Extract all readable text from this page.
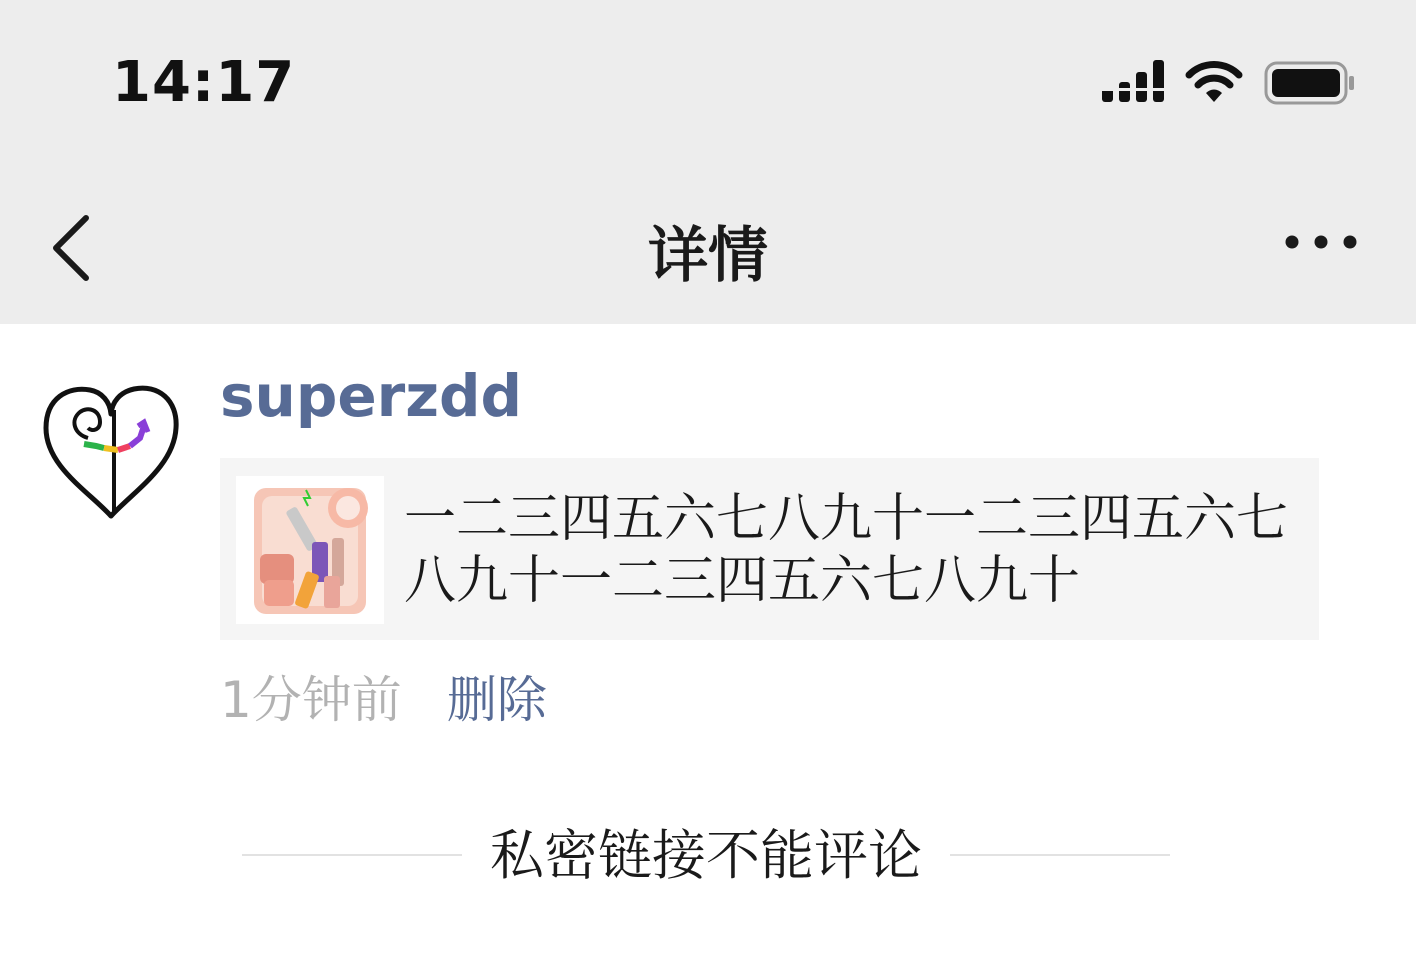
14:17
详情
superzdd
一二三四五六七八九十一二三四五六七八九十一二三四五六七八九十
1分钟前 删除
私密链接不能评论
